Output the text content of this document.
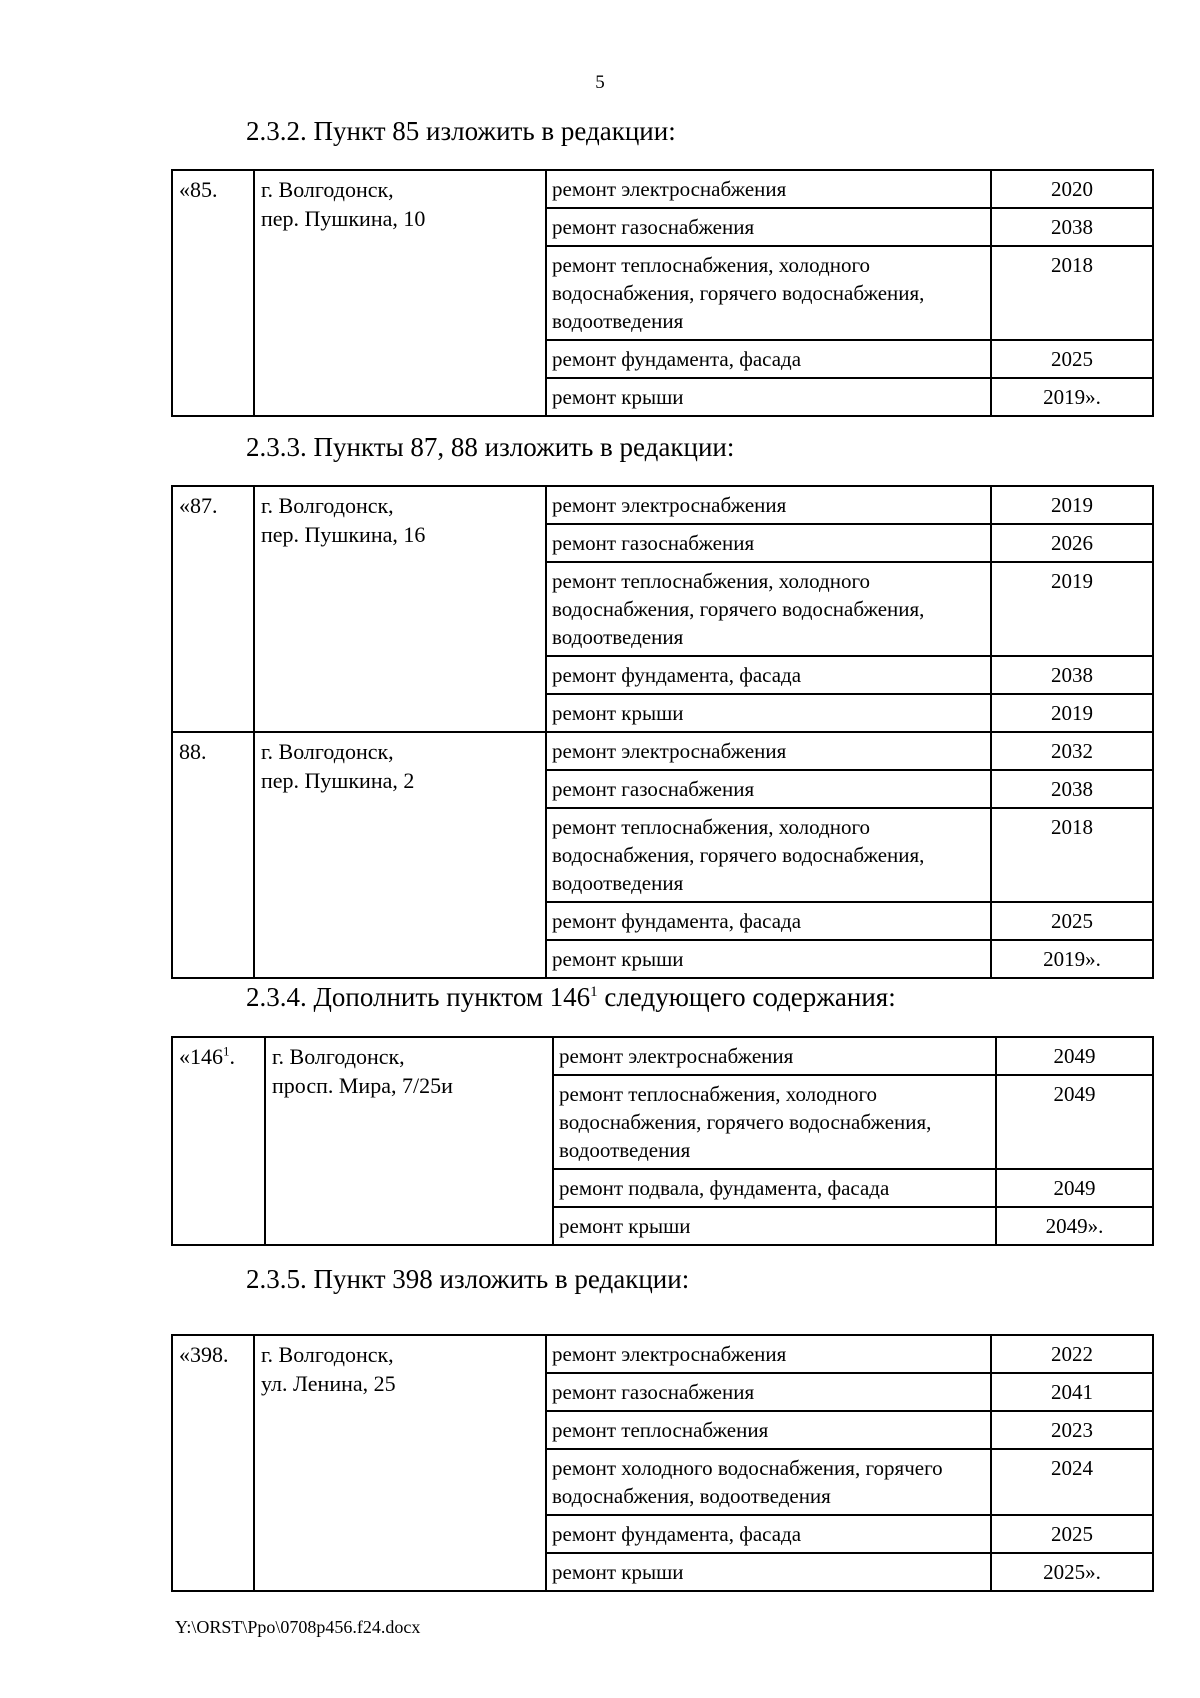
5
2.3.2. Пункт 85 изложить в редакции:
«85.	г. Волгодонск,
пер. Пушкина, 10	ремонт электроснабжения	2020
		ремонт газоснабжения	2038
		ремонт теплоснабжения, холодного водоснабжения, горячего водоснабжения, водоотведения	2018
		ремонт фундамента, фасада	2025
		ремонт крыши	2019».
2.3.3. Пункты 87, 88 изложить в редакции:
«87.	г. Волгодонск,
пер. Пушкина, 16	ремонт электроснабжения	2019
		ремонт газоснабжения	2026
		ремонт теплоснабжения, холодного водоснабжения, горячего водоснабжения, водоотведения	2019
		ремонт фундамента, фасада	2038
		ремонт крыши	2019
88.	г. Волгодонск,
пер. Пушкина, 2	ремонт электроснабжения	2032
		ремонт газоснабжения	2038
		ремонт теплоснабжения, холодного водоснабжения, горячего водоснабжения, водоотведения	2018
		ремонт фундамента, фасада	2025
		ремонт крыши	2019».
2.3.4. Дополнить пунктом $146^1$ следующего содержания:
«$146^1$.	г. Волгодонск,
просп. Мира, 7/25и	ремонт электроснабжения	2049
		ремонт теплоснабжения, холодного водоснабжения, горячего водоснабжения, водоотведения	2049
		ремонт подвала, фундамента, фасада	2049
		ремонт крыши	2049».
2.3.5. Пункт 398 изложить в редакции:
«398.	г. Волгодонск,
ул. Ленина, 25	ремонт электроснабжения	2022
		ремонт газоснабжения	2041
		ремонт теплоснабжения	2023
		ремонт холодного водоснабжения, горячего водоснабжения, водоотведения	2024
		ремонт фундамента, фасада	2025
		ремонт крыши	2025».
Y:\ORST\Ppo\0708p456.f24.docx
